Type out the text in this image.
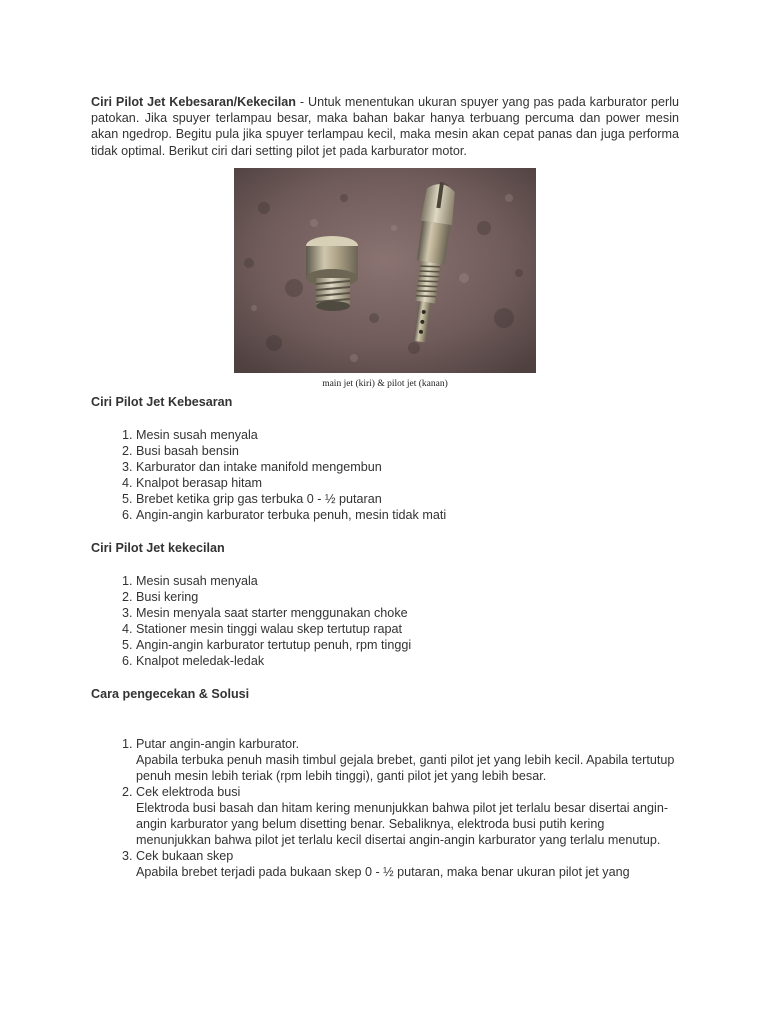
Ciri Pilot Jet Kebesaran/Kekecilan - Untuk menentukan ukuran spuyer yang pas pada karburator perlu patokan. Jika spuyer terlampau besar, maka bahan bakar hanya terbuang percuma dan power mesin akan ngedrop. Begitu pula jika spuyer terlampau kecil, maka mesin akan cepat panas dan juga performa tidak optimal. Berikut ciri dari setting pilot jet pada karburator motor.

main jet (kiri) & pilot jet (kanan)
Ciri Pilot Jet Kebesaran
1. Mesin susah menyala
2. Busi basah bensin
3. Karburator dan intake manifold mengembun
4. Knalpot berasap hitam
5. Brebet ketika grip gas terbuka 0 - ½ putaran
6. Angin-angin karburator terbuka penuh, mesin tidak mati
Ciri Pilot Jet kekecilan
1. Mesin susah menyala
2. Busi kering
3. Mesin menyala saat starter menggunakan choke
4. Stationer mesin tinggi walau skep tertutup rapat
5. Angin-angin karburator tertutup penuh, rpm tinggi
6. Knalpot meledak-ledak
Cara pengecekan & Solusi
1. Putar angin-angin karburator.
Apabila terbuka penuh masih timbul gejala brebet, ganti pilot jet yang lebih kecil. Apabila tertutup penuh mesin lebih teriak (rpm lebih tinggi), ganti pilot jet yang lebih besar.
2. Cek elektroda busi
Elektroda busi basah dan hitam kering menunjukkan bahwa pilot jet terlalu besar disertai angin-angin karburator yang belum disetting benar. Sebaliknya, elektroda busi putih kering menunjukkan bahwa pilot jet terlalu kecil disertai angin-angin karburator yang terlalu menutup.
3. Cek bukaan skep
Apabila brebet terjadi pada bukaan skep 0 - ½ putaran, maka benar ukuran pilot jet yang
